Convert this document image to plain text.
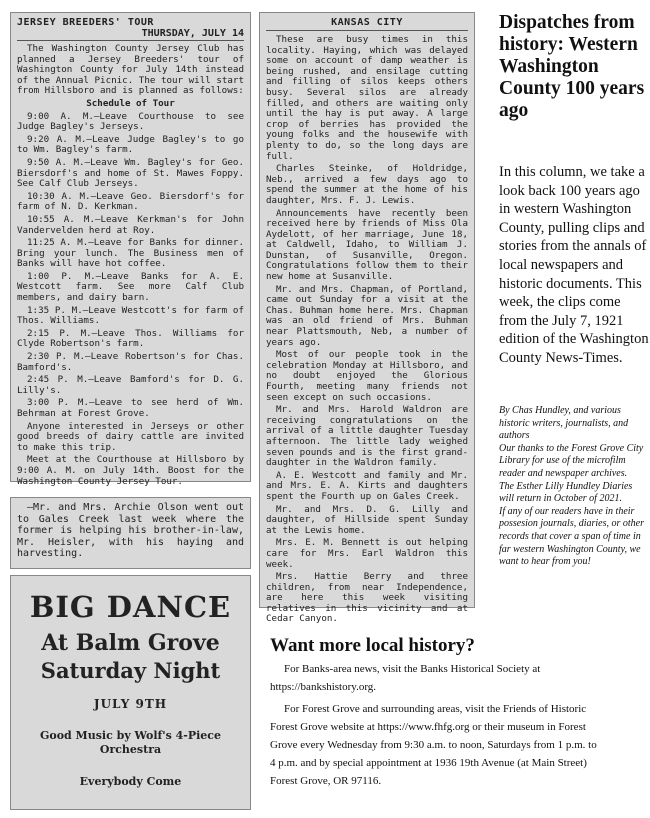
JERSEY BREEDERS' TOUR
THURSDAY, JULY 14

The Washington County Jersey Club has planned a Jersey Breeders' tour of Washington County for July 14th instead of the Annual Picnic. The tour will start from Hillsboro and is planned as follows:

Schedule of Tour

9:00 A. M.—Leave Courthouse to see Judge Bagley's Jerseys.

9:20 A. M.—Leave Judge Bagley's to go to Wm. Bagley's farm.

9:50 A. M.—Leave Wm. Bagley's for Geo. Biersdorf's and home of St. Mawes Foppy. See Calf Club Jerseys.

10:30 A. M.—Leave Geo. Biersdorf's for farm of N. D. Kerkman.

10:55 A. M.—Leave Kerkman's for John Vandervelden herd at Roy.

11:25 A. M.—Leave for Banks for dinner. Bring your lunch. The Business men of Banks will have hot coffee.

1:00 P. M.—Leave Banks for A. E. Westcott farm. See more Calf Club members, and dairy barn.

1:35 P. M.—Leave Westcott's for farm of Thos. Williams.

2:15 P. M.—Leave Thos. Williams for Clyde Robertson's farm.

2:30 P. M.—Leave Robertson's for Chas. Bamford's.

2:45 P. M.—Leave Bamford's for D. G. Lilly's.

3:00 P. M.—Leave to see herd of Wm. Behrman at Forest Grove.

Anyone interested in Jerseys or other good breeds of dairy cattle are invited to make this trip.

Meet at the Courthouse at Hillsboro by 9:00 A. M. on July 14th. Boost for the Washington County Jersey Tour.

KANSAS CITY

These are busy times in this locality. Haying, which was delayed some on account of damp weather is being rushed, and ensilage cutting and filling of silos keeps others busy. Several silos are already filled, and others are waiting only until the hay is put away. A large crop of berries has provided the young folks and the housewife with plenty to do, so the long days are full.

Charles Steinke, of Holdridge, Neb., arrived a few days ago to spend the summer at the home of his daughter, Mrs. F. J. Lewis.

Announcements have recently been received here by friends of Miss Ola Aydelott, of her marriage, June 18, at Caldwell, Idaho, to William J. Dunstan, of Susanville, Oregon. Congratulations follow them to their new home at Susanville.

Mr. and Mrs. Chapman, of Portland, came out Sunday for a visit at the Chas. Buhman home here. Mrs. Chapman was an old friend of Mrs. Buhman near Plattsmouth, Neb, a number of years ago.

Most of our people took in the celebration Monday at Hillsboro, and no doubt enjoyed the Glorious Fourth, meeting many friends not seen except on such occasions.

Mr. and Mrs. Harold Waldron are receiving congratulations on the arrival of a little daughter Tuesday afternoon. The little lady weighed seven pounds and is the first grand-daughter in the Waldron family.

A. E. Westcott and family and Mr. and Mrs. E. A. Kirts and daughters spent the Fourth up on Gales Creek.

Mr. and Mrs. D. G. Lilly and daughter, of Hillside spent Sunday at the Lewis home.

Mrs. E. M. Bennett is out helping care for Mrs. Earl Waldron this week.

Mrs. Hattie Berry and three children, from near Independence, are here this week visiting relatives in this vicinity and at Cedar Canyon.

—Mr. and Mrs. Archie Olson went out to Gales Creek last week where the former is helping his brother-in-law, Mr. Heisler, with his haying and harvesting.

BIG DANCE
At Balm Grove
Saturday Night
JULY 9TH
Good Music by Wolf's 4-Piece Orchestra
Everybody Come
Dispatches from history: Western Washington County 100 years ago
In this column, we take a look back 100 years ago in western Washington County, pulling clips and stories from the annals of local newspapers and historic documents. This week, the clips come from the July 7, 1921 edition of the Washington County News-Times.
By Chas Hundley, and various historic writers, journalists, and authors
Our thanks to the Forest Grove City Library for use of the microfilm reader and newspaper archives.
The Esther Lilly Hundley Diaries will return in October of 2021.
If any of our readers have in their possesion journals, diaries, or other records that cover a span of time in far western Washington County, we want to hear from you!
Want more local history?

For Banks-area news, visit the Banks Historical Society at https://bankshistory.org.

For Forest Grove and surrounding areas, visit the Friends of Historic Forest Grove website at https://www.fhfg.org or their museum in Forest Grove every Wednesday from 9:30 a.m. to noon, Saturdays from 1 p.m. to 4 p.m. and by special appointment at 1936 19th Avenue (at Main Street) Forest Grove, OR 97116.
